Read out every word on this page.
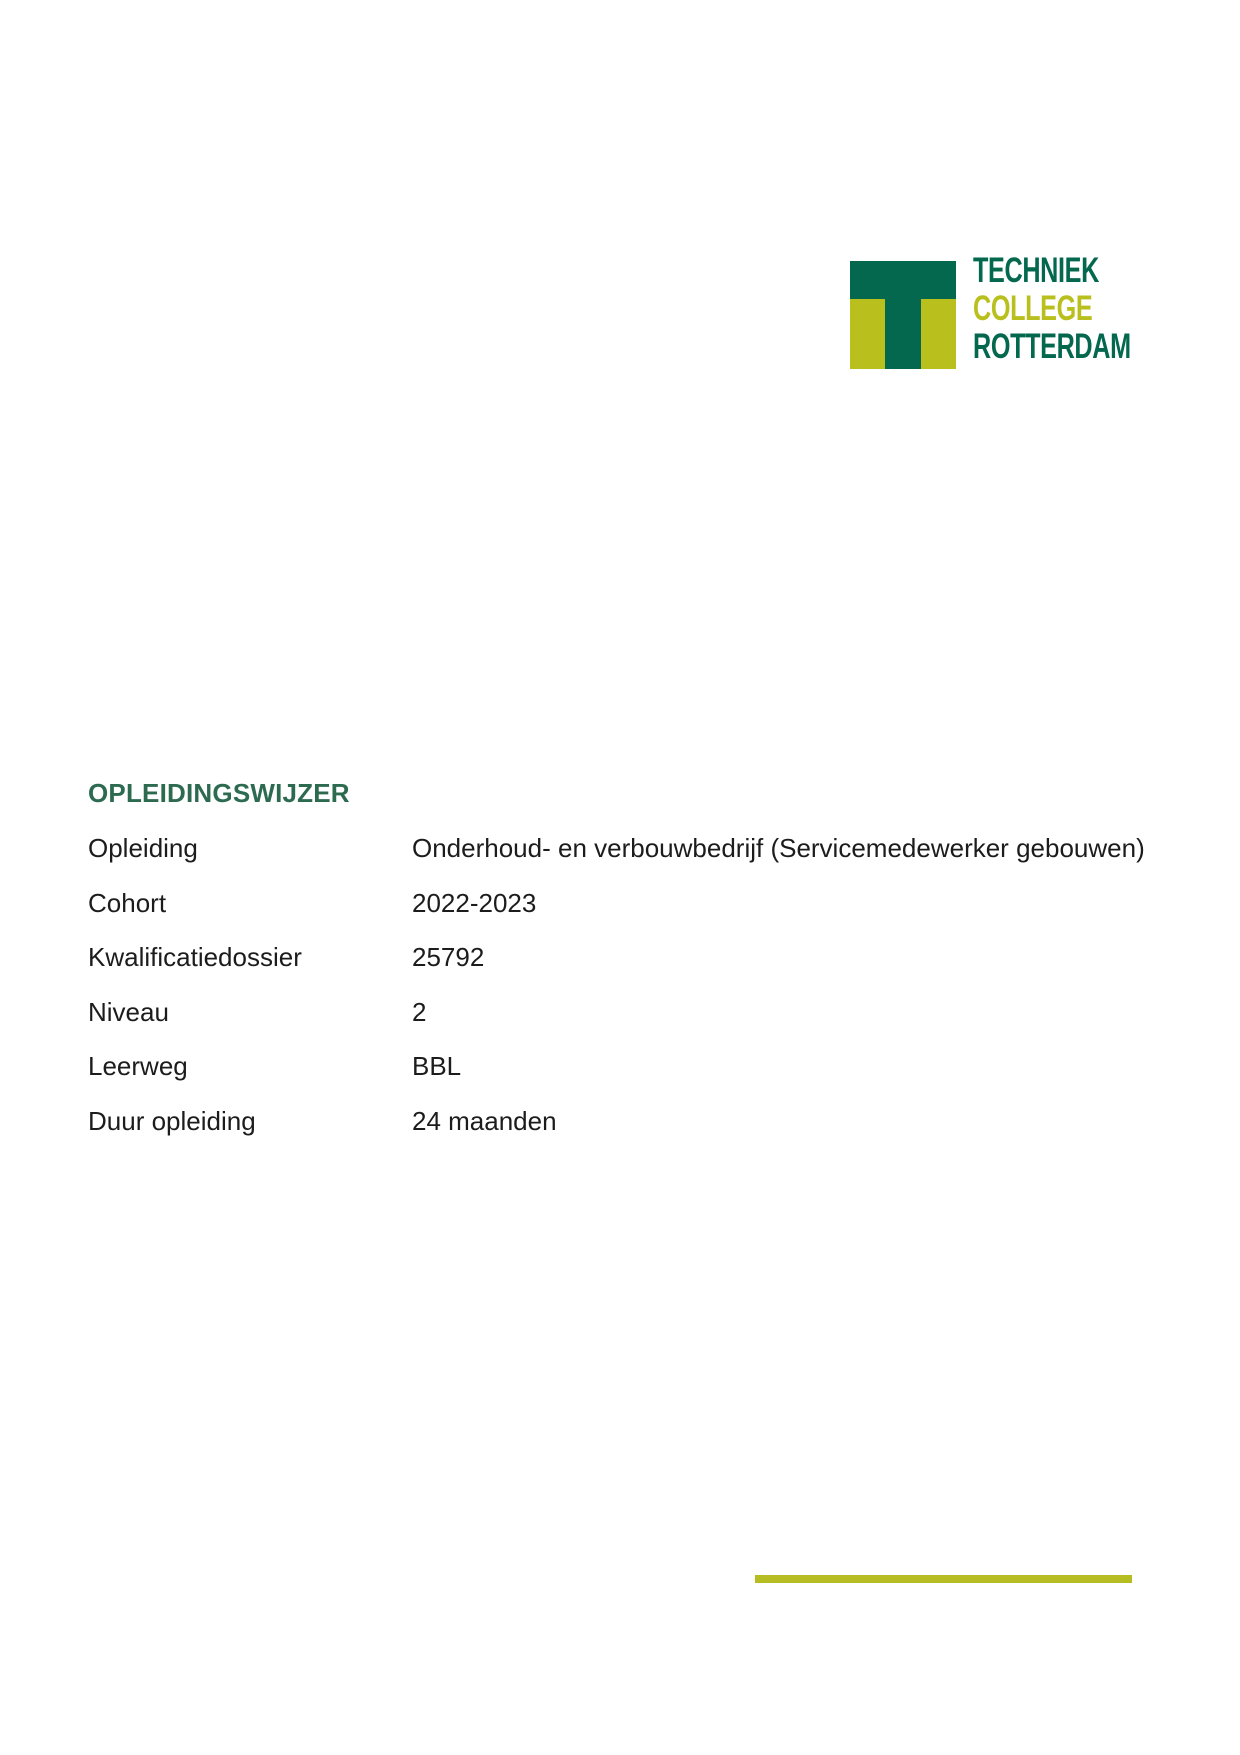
TECHNIEK
COLLEGE
ROTTERDAM
OPLEIDINGSWIJZER
Opleiding	Onderhoud- en verbouwbedrijf (Servicemedewerker gebouwen)
Cohort	2022-2023
Kwalificatiedossier	25792
Niveau	2
Leerweg	BBL
Duur opleiding	24 maanden
